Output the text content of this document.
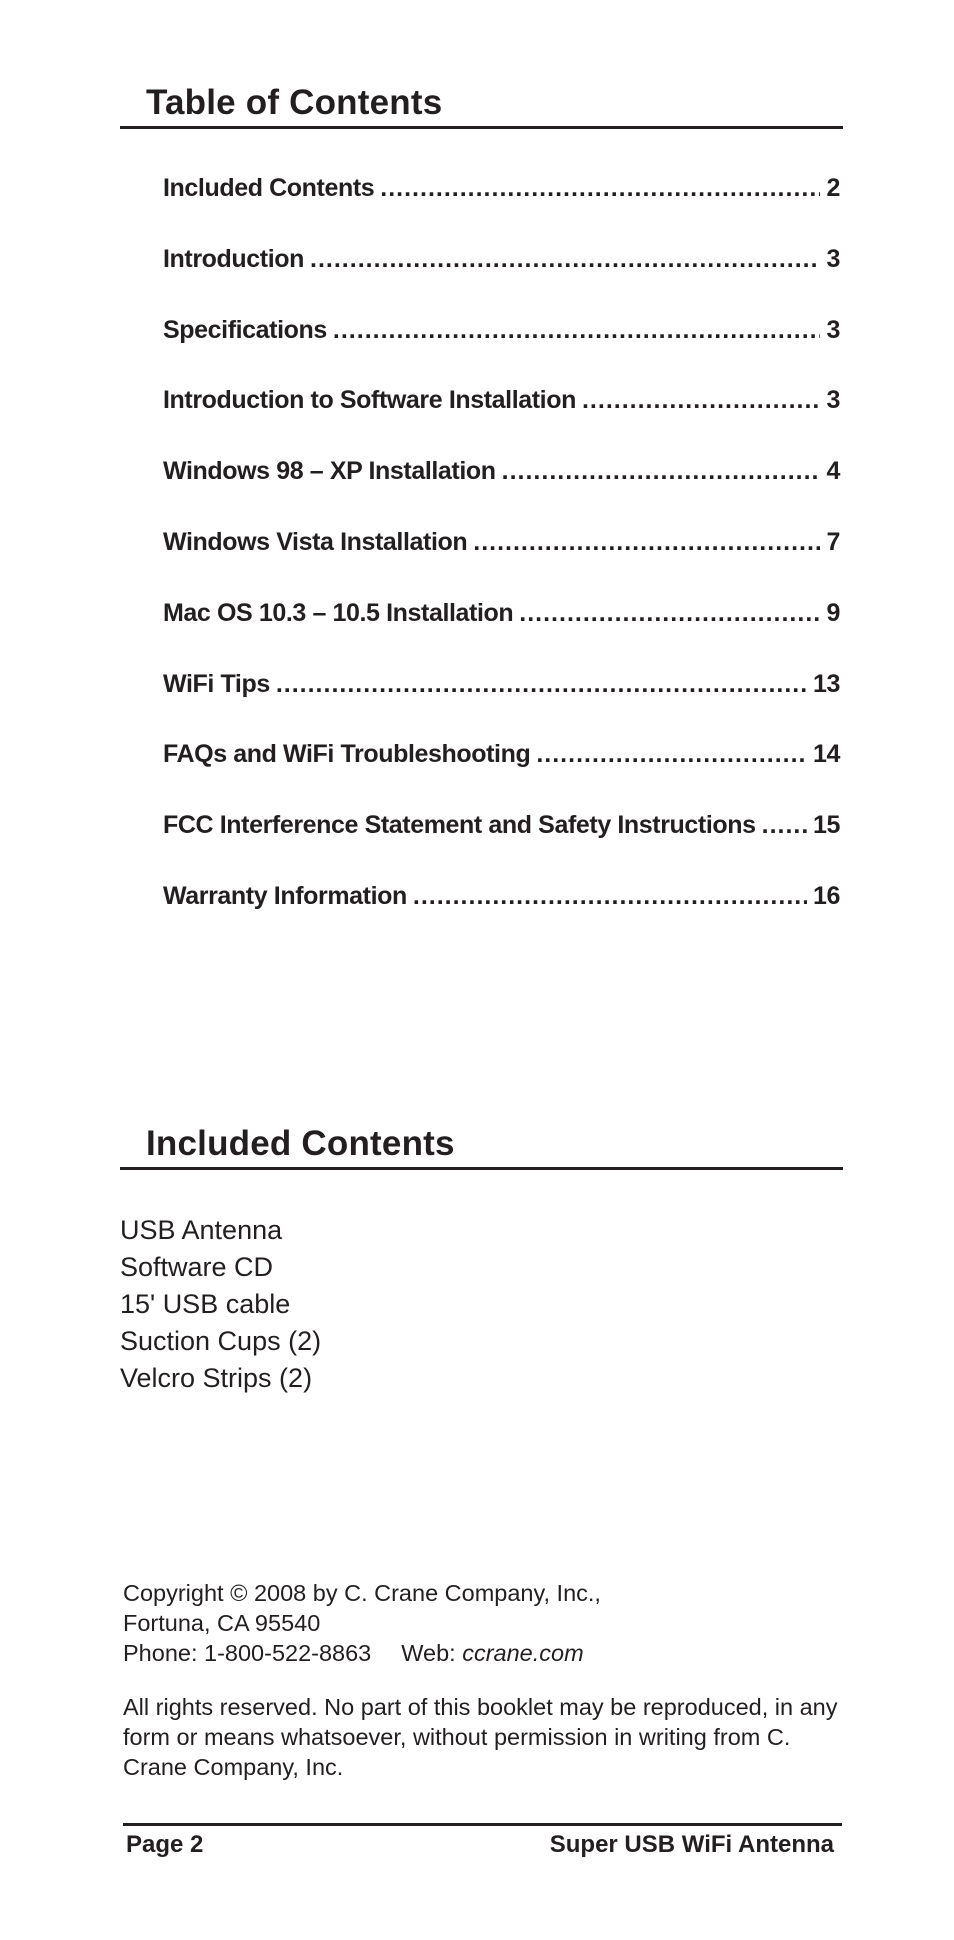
Table of Contents
Included Contents .....	2
Introduction .....	3
Specifications .....	3
Introduction to Software Installation .....	3
Windows 98 – XP Installation .....	4
Windows Vista Installation .....	7
Mac OS 10.3 – 10.5 Installation .....	9
WiFi Tips .....	13
FAQs and WiFi Troubleshooting .....	14
FCC Interference Statement and Safety Instructions ..... 15
Warranty Information .....	16
Included Contents
USB Antenna
Software CD
15' USB cable
Suction Cups (2)
Velcro Strips (2)

Copyright © 2008 by C. Crane Company, Inc.,
Fortuna, CA 95540
Phone: 1-800-522-8863 Web: ccrane.com

All rights reserved. No part of this booklet may be reproduced, in any form or means whatsoever, without permission in writing from C. Crane Company, Inc.

Page 2	Super USB WiFi Antenna
